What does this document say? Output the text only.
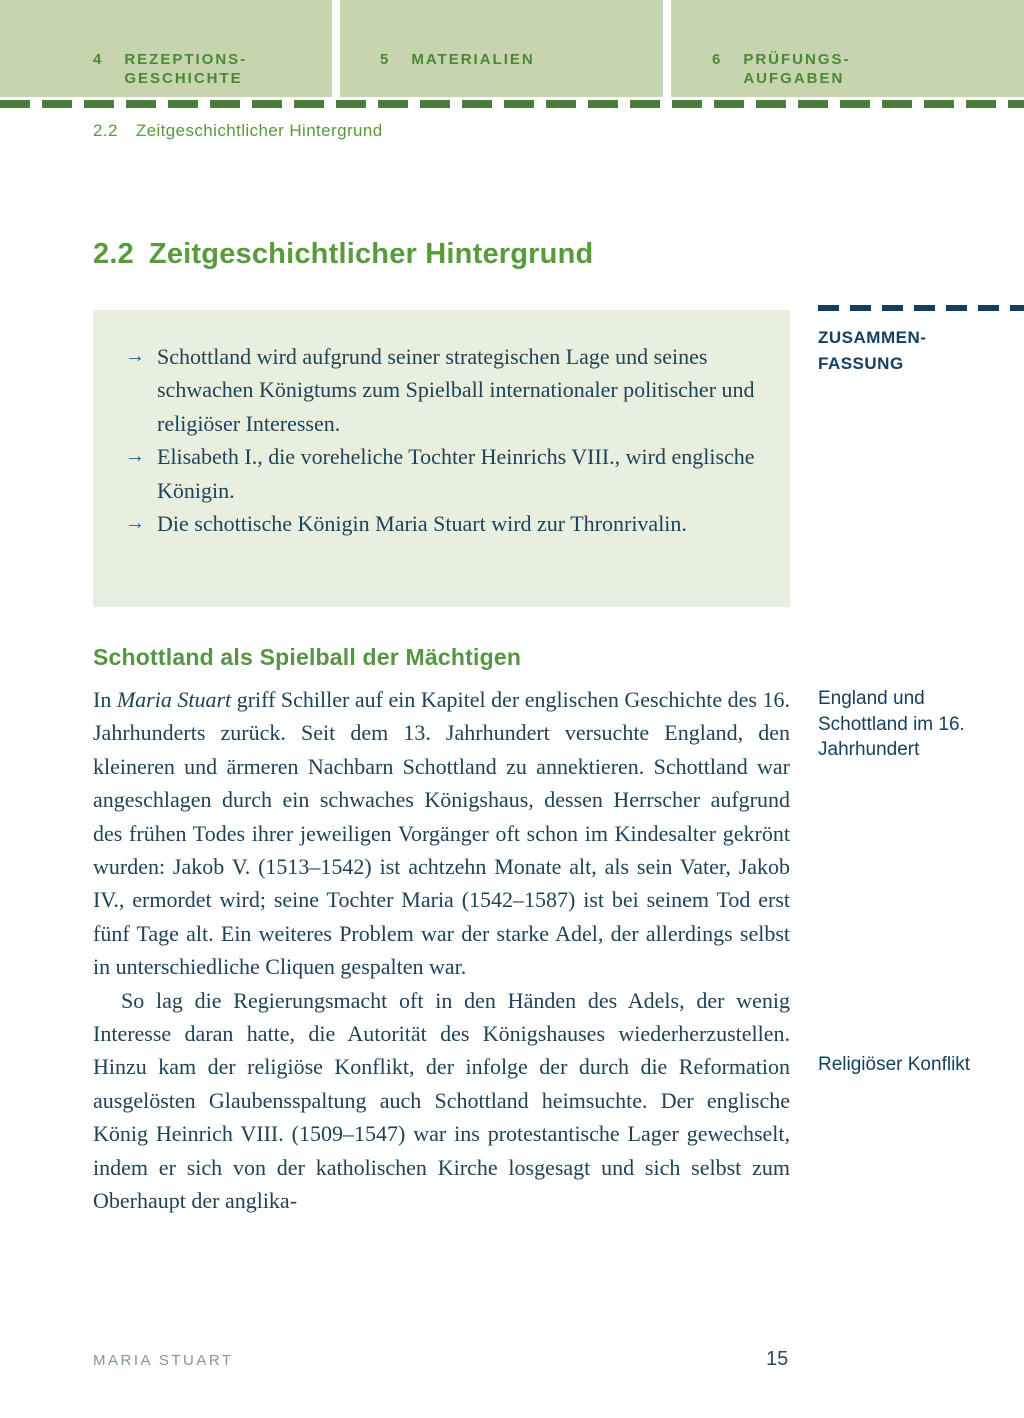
4 REZEPTIONS-
GESCHICHTE
5 MATERIALIEN	6 PRÜFUNGS-
AUFGABEN
2.2 Zeitgeschichtlicher Hintergrund
2.2 Zeitgeschichtlicher Hintergrund
→ Schottland wird aufgrund seiner strategischen Lage und seines schwachen Königtums zum Spielball internationaler politischer und religiöser Interessen.
→ Elisabeth I., die voreheliche Tochter Heinrichs VIII., wird englische Königin.
→ Die schottische Königin Maria Stuart wird zur Thronrivalin.
ZUSAMMEN-
FASSUNG
Schottland als Spielball der Mächtigen

In Maria Stuart griff Schiller auf ein Kapitel der englischen Geschichte des 16. Jahrhunderts zurück. Seit dem 13. Jahrhundert versuchte England, den kleineren und ärmeren Nachbarn Schottland zu annektieren. Schottland war angeschlagen durch ein schwaches Königshaus, dessen Herrscher aufgrund des frühen Todes ihrer jeweiligen Vorgänger oft schon im Kindesalter gekrönt wurden: Jakob V. (1513–1542) ist achtzehn Monate alt, als sein Vater, Jakob IV., ermordet wird; seine Tochter Maria (1542–1587) ist bei seinem Tod erst fünf Tage alt. Ein weiteres Problem war der starke Adel, der allerdings selbst in unterschiedliche Cliquen gespalten war.

So lag die Regierungsmacht oft in den Händen des Adels, der wenig Interesse daran hatte, die Autorität des Königshauses wiederherzustellen. Hinzu kam der religiöse Konflikt, der infolge der durch die Reformation ausgelösten Glaubensspaltung auch Schottland heimsuchte. Der englische König Heinrich VIII. (1509–1547) war ins protestantische Lager gewechselt, indem er sich von der katholischen Kirche losgesagt und sich selbst zum Oberhaupt der anglika-

England und Schottland im 16. Jahrhundert
Religiöser Konflikt
MARIA STUART	15
